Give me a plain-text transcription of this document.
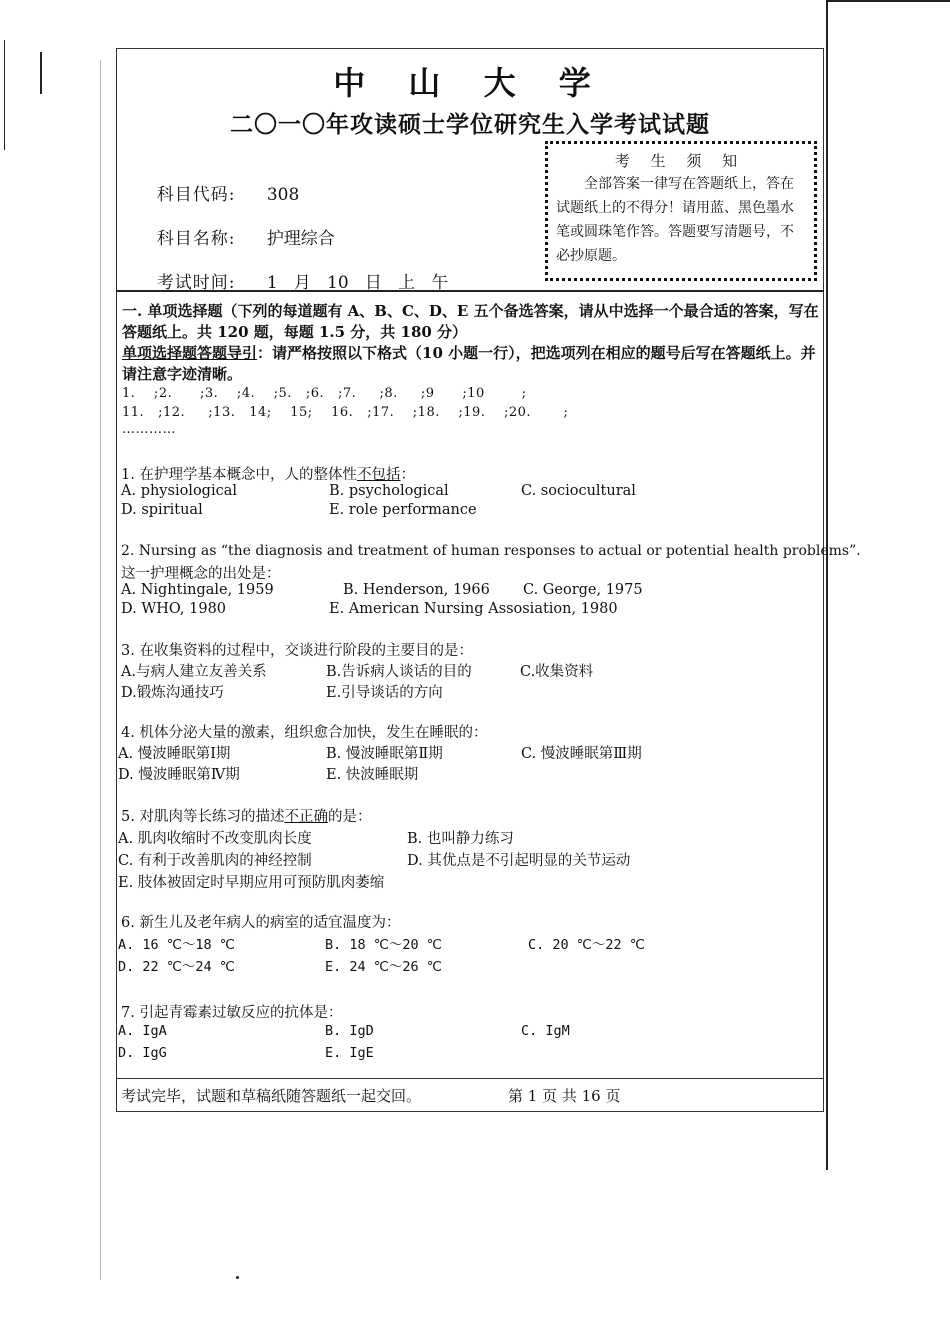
中 山 大 学
二〇一〇年攻读硕士学位研究生入学考试试题

科目代码: 308

科目名称: 护理综合

考试时间: 1   月   10   日   上   午

考 生 须 知
全部答案一律写在答题纸上，答在试题纸上的不得分！请用蓝、黑色墨水笔或圆珠笔作答。答题要写清题号，不必抄原题。
一. 单项选择题（下列的每道题有 A、B、C、D、E 五个备选答案，请从中选择一个最合适的答案，写在答题纸上。共 120 题，每题 1.5 分，共 180 分）
单项选择题答题导引：请严格按照以下格式（10 小题一行），把选项列在相应的题号后写在答题纸上。并请注意字迹清晰。
1.    ;2.      ;3.    ;4.    ;5.   ;6.   ;7.     ;8.     ;9      ;10        ;
11.   ;12.     ;13.   14;    15;    16.   ;17.    ;18.    ;19.    ;20.       ;
…………
1. 在护理学基本概念中，人的整体性不包括：
A. physiological	B. psychological	C. sociocultural
D. spiritual	E. role performance
2. Nursing as “the diagnosis and treatment of human responses to actual or potential health problems”.
这一护理概念的出处是：
A. Nightingale, 1959	B. Henderson, 1966 C. George, 1975
D. WHO, 1980	E. American Nursing Assosiation, 1980
3. 在收集资料的过程中，交谈进行阶段的主要目的是：
A.与病人建立友善关系	B.告诉病人谈话的目的	C.收集资料
D.锻炼沟通技巧	E.引导谈话的方向
4. 机体分泌大量的激素，组织愈合加快，发生在睡眠的：
A. 慢波睡眠第Ⅰ期	B. 慢波睡眠第Ⅱ期	C. 慢波睡眠第Ⅲ期
D. 慢波睡眠第Ⅳ期	E. 快波睡眠期
5. 对肌肉等长练习的描述不正确的是：
A. 肌肉收缩时不改变肌肉长度	B. 也叫静力练习
C. 有利于改善肌肉的神经控制	D. 其优点是不引起明显的关节运动
E. 肢体被固定时早期应用可预防肌肉萎缩
6. 新生儿及老年病人的病室的适宜温度为：
A. 16 ℃～18 ℃	B. 18 ℃～20 ℃	C. 20 ℃～22 ℃
D. 22 ℃～24 ℃	E. 24 ℃～26 ℃
7. 引起青霉素过敏反应的抗体是：
A. IgA	B. IgD	C. IgM
D. IgG	E. IgE
考试完毕，试题和草稿纸随答题纸一起交回。	第 1 页 共 16 页
